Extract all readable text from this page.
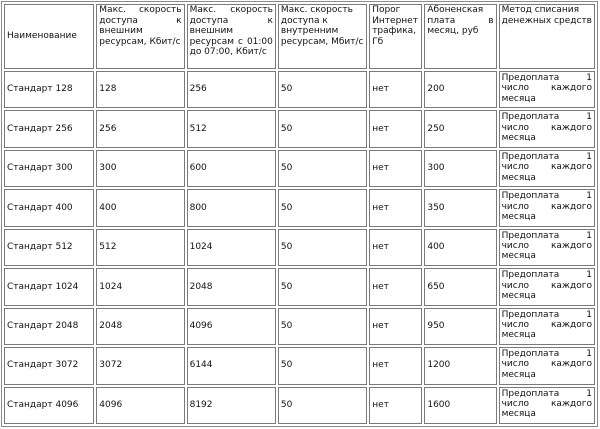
Наименование	Макс. скорость доступа к внешним ресурсам, Кбит/с	Макс. скорость доступа к внешним ресурсам с 01:00 до 07:00, Кбит/с	Макс. скорость доступа к внутренним ресурсам, Мбит/с	Порог Интернет трафика, Гб	Абоненская плата в месяц, руб	Метод списания денежных средств
Стандарт 128	128	256	50	нет	200	Предоплата 1 число каждого месяца
Стандарт 256	256	512	50	нет	250	Предоплата 1 число каждого месяца
Стандарт 300	300	600	50	нет	300	Предоплата 1 число каждого месяца
Стандарт 400	400	800	50	нет	350	Предоплата 1 число каждого месяца
Стандарт 512	512	1024	50	нет	400	Предоплата 1 число каждого месяца
Стандарт 1024	1024	2048	50	нет	650	Предоплата 1 число каждого месяца
Стандарт 2048	2048	4096	50	нет	950	Предоплата 1 число каждого месяца
Стандарт 3072	3072	6144	50	нет	1200	Предоплата 1 число каждого месяца
Стандарт 4096	4096	8192	50	нет	1600	Предоплата 1 число каждого месяца
